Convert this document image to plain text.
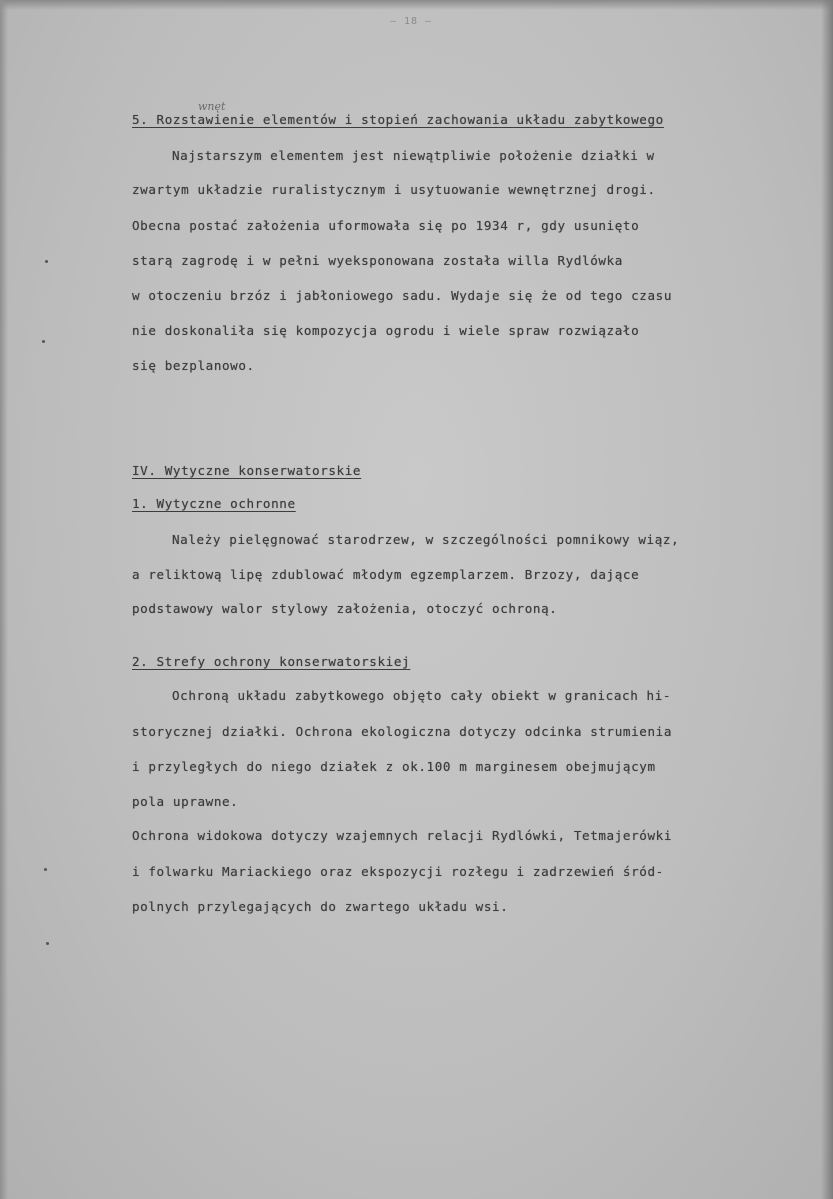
— 18 —
wnęt
5. Rozstawienie elementów i stopień zachowania układu zabytkowego
Najstarszym elementem jest niewątpliwie położenie działki w
zwartym układzie ruralistycznym i usytuowanie wewnętrznej drogi.
Obecna postać założenia uformowała się po 1934 r, gdy usunięto
starą zagrodę i w pełni wyeksponowana została willa Rydlówka
w otoczeniu brzóz i jabłoniowego sadu. Wydaje się że od tego czasu
nie doskonaliła się kompozycja ogrodu i wiele spraw rozwiązało
się bezplanowo.
IV. Wytyczne konserwatorskie
1. Wytyczne ochronne
Należy pielęgnować starodrzew, w szczególności pomnikowy wiąz,
a reliktową lipę zdublować młodym egzemplarzem. Brzozy, dające
podstawowy walor stylowy założenia, otoczyć ochroną.
2. Strefy ochrony konserwatorskiej
Ochroną układu zabytkowego objęto cały obiekt w granicach hi-
storycznej działki. Ochrona ekologiczna dotyczy odcinka strumienia
i przyległych do niego działek z ok.100 m marginesem obejmującym
pola uprawne.
Ochrona widokowa dotyczy wzajemnych relacji Rydlówki, Tetmajerówki
i folwarku Mariackiego oraz ekspozycji rozłegu i zadrzewień śród-
polnych przylegających do zwartego układu wsi.
